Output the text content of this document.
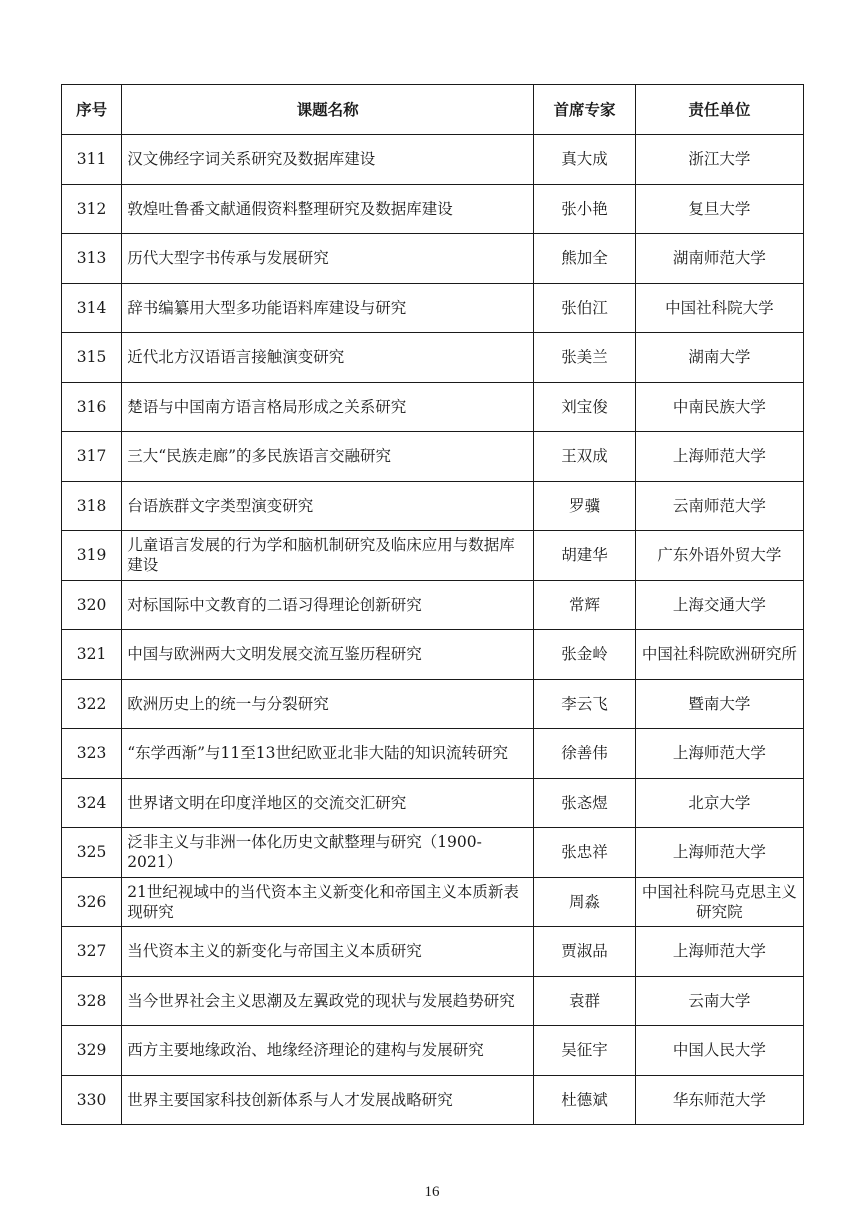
序号	课题名称	首席专家	责任单位
311	汉文佛经字词关系研究及数据库建设	真大成	浙江大学
312	敦煌吐鲁番文献通假资料整理研究及数据库建设	张小艳	复旦大学
313	历代大型字书传承与发展研究	熊加全	湖南师范大学
314	辞书编纂用大型多功能语料库建设与研究	张伯江	中国社科院大学
315	近代北方汉语语言接触演变研究	张美兰	湖南大学
316	楚语与中国南方语言格局形成之关系研究	刘宝俊	中南民族大学
317	三大“民族走廊”的多民族语言交融研究	王双成	上海师范大学
318	台语族群文字类型演变研究	罗骥	云南师范大学
319	儿童语言发展的行为学和脑机制研究及临床应用与数据库建设	胡建华	广东外语外贸大学
320	对标国际中文教育的二语习得理论创新研究	常辉	上海交通大学
321	中国与欧洲两大文明发展交流互鉴历程研究	张金岭	中国社科院欧洲研究所
322	欧洲历史上的统一与分裂研究	李云飞	暨南大学
323	“东学西渐”与11至13世纪欧亚北非大陆的知识流转研究	徐善伟	上海师范大学
324	世界诸文明在印度洋地区的交流交汇研究	张忞煜	北京大学
325	泛非主义与非洲一体化历史文献整理与研究（1900-2021）	张忠祥	上海师范大学
326	21世纪视域中的当代资本主义新变化和帝国主义本质新表现研究	周淼	中国社科院马克思主义研究院
327	当代资本主义的新变化与帝国主义本质研究	贾淑品	上海师范大学
328	当今世界社会主义思潮及左翼政党的现状与发展趋势研究	袁群	云南大学
329	西方主要地缘政治、地缘经济理论的建构与发展研究	吴征宇	中国人民大学
330	世界主要国家科技创新体系与人才发展战略研究	杜德斌	华东师范大学
16
